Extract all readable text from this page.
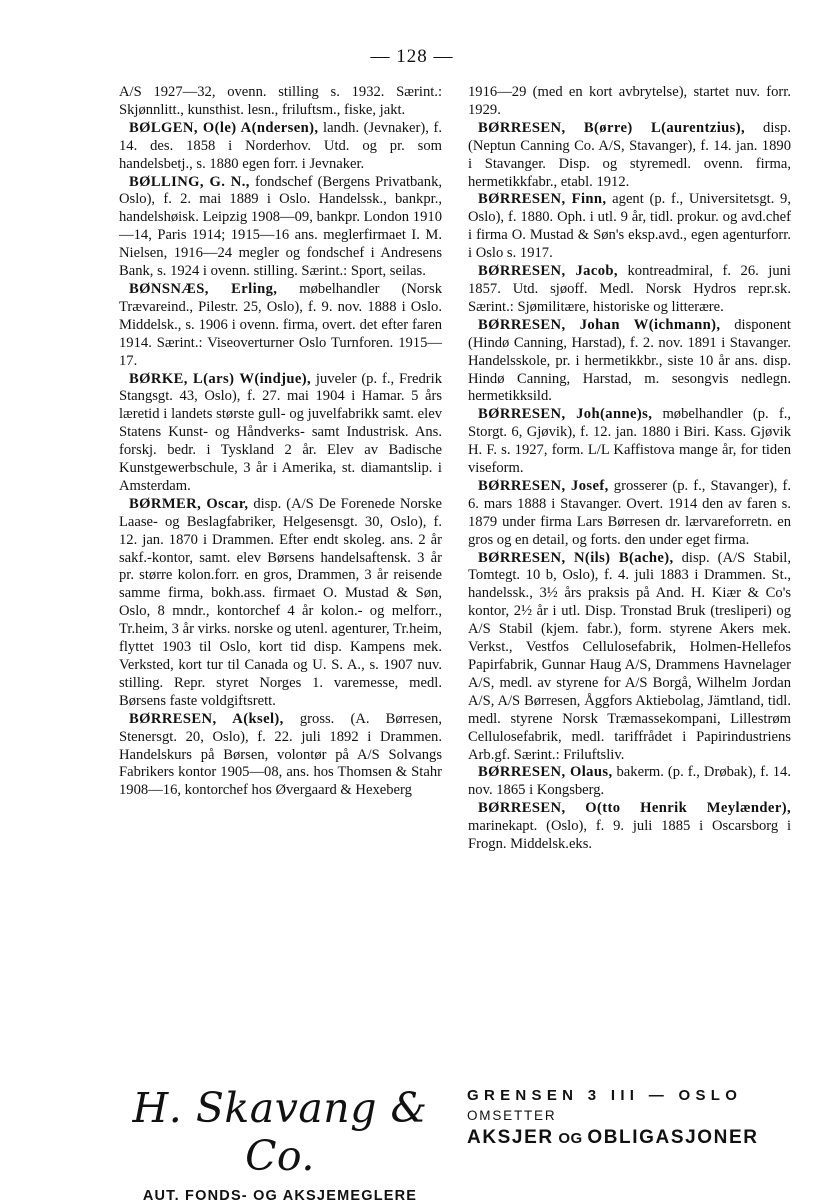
— 128 —

A/S 1927—32, ovenn. stilling s. 1932. Særint.: Skjønnlitt., kunsthist. lesn., friluftsm., fiske, jakt.

BØLGEN, O(le) A(ndersen), landh. (Jevnaker), f. 14. des. 1858 i Norderhov. Utd. og pr. som handelsbetj., s. 1880 egen forr. i Jevnaker.

BØLLING, G. N., fondschef (Bergens Privatbank, Oslo), f. 2. mai 1889 i Oslo. Handelssk., bankpr., handelshøisk. Leipzig 1908—09, bankpr. London 1910—14, Paris 1914; 1915—16 ans. meglerfirmaet I. M. Nielsen, 1916—24 megler og fondschef i Andresens Bank, s. 1924 i ovenn. stilling. Særint.: Sport, seilas.

BØNSNÆS, Erling, møbelhandler (Norsk Trævareind., Pilestr. 25, Oslo), f. 9. nov. 1888 i Oslo. Middelsk., s. 1906 i ovenn. firma, overt. det efter faren 1914. Særint.: Viseoverturner Oslo Turnforen. 1915—17.

BØRKE, L(ars) W(indjue), juveler (p. f., Fredrik Stangsgt. 43, Oslo), f. 27. mai 1904 i Hamar. 5 års læretid i landets største gull- og juvelfabrikk samt. elev Statens Kunst- og Håndverks- samt Industrisk. Ans. forskj. bedr. i Tyskland 2 år. Elev av Badische Kunstgewerbschule, 3 år i Amerika, st. diamantslip. i Amsterdam.

BØRMER, Oscar, disp. (A/S De Forenede Norske Laase- og Beslagfabriker, Helgesensgt. 30, Oslo), f. 12. jan. 1870 i Drammen. Efter endt skoleg. ans. 2 år sakf.-kontor, samt. elev Børsens handelsaftensk. 3 år pr. større kolon.forr. en gros, Drammen, 3 år reisende samme firma, bokh.ass. firmaet O. Mustad & Søn, Oslo, 8 mndr., kontorchef 4 år kolon.- og melforr., Tr.heim, 3 år virks. norske og utenl. agenturer, Tr.heim, flyttet 1903 til Oslo, kort tid disp. Kampens mek. Verksted, kort tur til Canada og U. S. A., s. 1907 nuv. stilling. Repr. styret Norges 1. varemesse, medl. Børsens faste voldgiftsrett.

BØRRESEN, A(ksel), gross. (A. Børresen, Stenersgt. 20, Oslo), f. 22. juli 1892 i Drammen. Handelskurs på Børsen, volontør på A/S Solvangs Fabrikers kontor 1905—08, ans. hos Thomsen & Stahr 1908—16, kontorchef hos Øvergaard & Hexeberg

1916—29 (med en kort avbrytelse), startet nuv. forr. 1929.

BØRRESEN, B(ørre) L(aurentzius), disp. (Neptun Canning Co. A/S, Stavanger), f. 14. jan. 1890 i Stavanger. Disp. og styremedl. ovenn. firma, hermetikkfabr., etabl. 1912.

BØRRESEN, Finn, agent (p. f., Universitetsgt. 9, Oslo), f. 1880. Oph. i utl. 9 år, tidl. prokur. og avd.chef i firma O. Mustad & Søn's eksp.avd., egen agenturforr. i Oslo s. 1917.

BØRRESEN, Jacob, kontreadmiral, f. 26. juni 1857. Utd. sjøoff. Medl. Norsk Hydros repr.sk. Særint.: Sjømilitære, historiske og litterære.

BØRRESEN, Johan W(ichmann), disponent (Hindø Canning, Harstad), f. 2. nov. 1891 i Stavanger. Handelsskole, pr. i hermetikkbr., siste 10 år ans. disp. Hindø Canning, Harstad, m. sesongvis nedlegn. hermetikksild.

BØRRESEN, Joh(anne)s, møbelhandler (p. f., Storgt. 6, Gjøvik), f. 12. jan. 1880 i Biri. Kass. Gjøvik H. F. s. 1927, form. L/L Kaffistova mange år, for tiden viseform.

BØRRESEN, Josef, grosserer (p. f., Stavanger), f. 6. mars 1888 i Stavanger. Overt. 1914 den av faren s. 1879 under firma Lars Børresen dr. lærvareforretn. en gros og en detail, og forts. den under eget firma.

BØRRESEN, N(ils) B(ache), disp. (A/S Stabil, Tomtegt. 10 b, Oslo), f. 4. juli 1883 i Drammen. St., handelssk., 3½ års praksis på And. H. Kiær & Co's kontor, 2½ år i utl. Disp. Tronstad Bruk (tresliperi) og A/S Stabil (kjem. fabr.), form. styrene Akers mek. Verkst., Vestfos Cellulosefabrik, Holmen-Hellefos Papirfabrik, Gunnar Haug A/S, Drammens Havnelager A/S, medl. av styrene for A/S Borgå, Wilhelm Jordan A/S, A/S Børresen, Åggfors Aktiebolag, Jämtland, tidl. medl. styrene Norsk Træmassekompani, Lillestrøm Cellulosefabrik, medl. tariffrådet i Papirindustriens Arb.gf. Særint.: Friluftsliv.

BØRRESEN, Olaus, bakerm. (p. f., Drøbak), f. 14. nov. 1865 i Kongsberg.

BØRRESEN, O(tto Henrik Meylænder), marinekapt. (Oslo), f. 9. juli 1885 i Oscarsborg i Frogn. Middelsk.eks.

H. Skavang & Co.
AUT. FONDS- OG AKSJEMEGLERE
GRENSEN 3 III — OSLO
OMSETTER
AKSJER OG OBLIGASJONER
